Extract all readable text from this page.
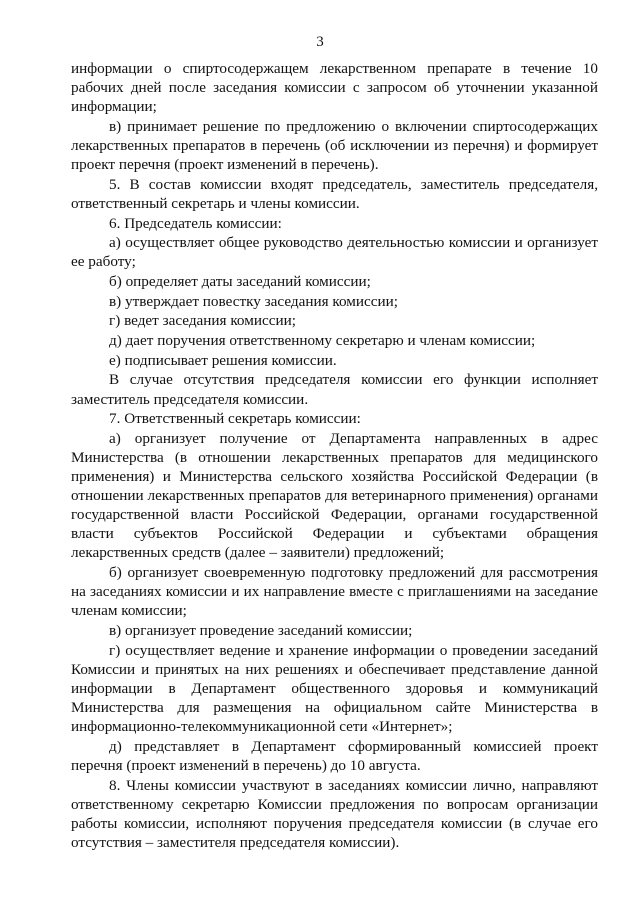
3

информации о спиртосодержащем лекарственном препарате в течение 10 рабочих дней после заседания комиссии с запросом об уточнении указанной информации;

в) принимает решение по предложению о включении спиртосодержащих лекарственных препаратов в перечень (об исключении из перечня) и формирует проект перечня (проект изменений в перечень).

5. В состав комиссии входят председатель, заместитель председателя, ответственный секретарь и члены комиссии.

6. Председатель комиссии:

а) осуществляет общее руководство деятельностью комиссии и организует ее работу;

б) определяет даты заседаний комиссии;

в) утверждает повестку заседания комиссии;

г) ведет заседания комиссии;

д) дает поручения ответственному секретарю и членам комиссии;

е) подписывает решения комиссии.

В случае отсутствия председателя комиссии его функции исполняет заместитель председателя комиссии.

7. Ответственный секретарь комиссии:

а) организует получение от Департамента направленных в адрес Министерства (в отношении лекарственных препаратов для медицинского применения) и Министерства сельского хозяйства Российской Федерации (в отношении лекарственных препаратов для ветеринарного применения) органами государственной власти Российской Федерации, органами государственной власти субъектов Российской Федерации и субъектами обращения лекарственных средств (далее – заявители) предложений;

б) организует своевременную подготовку предложений для рассмотрения на заседаниях комиссии и их направление вместе с приглашениями на заседание членам комиссии;

в) организует проведение заседаний комиссии;

г) осуществляет ведение и хранение информации о проведении заседаний Комиссии и принятых на них решениях и обеспечивает представление данной информации в Департамент общественного здоровья и коммуникаций Министерства для размещения на официальном сайте Министерства в информационно-телекоммуникационной сети «Интернет»;

д) представляет в Департамент сформированный комиссией проект перечня (проект изменений в перечень) до 10 августа.

8. Члены комиссии участвуют в заседаниях комиссии лично, направляют ответственному секретарю Комиссии предложения по вопросам организации работы комиссии, исполняют поручения председателя комиссии (в случае его отсутствия – заместителя председателя комиссии).
